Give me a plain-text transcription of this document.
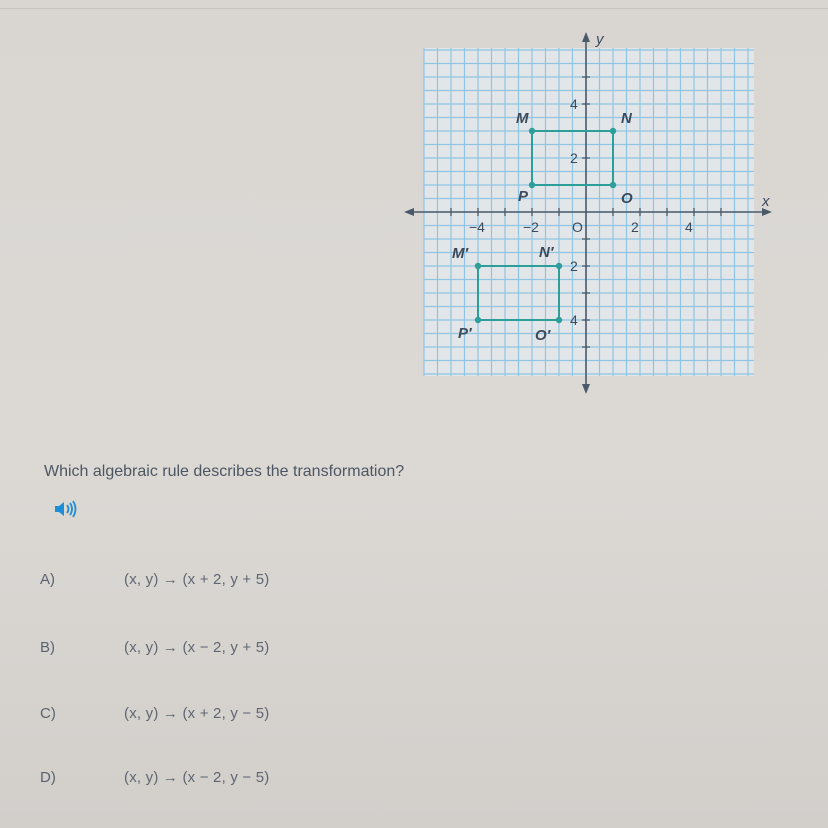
x
y
O
−4	−2	2	4
4
2
2
4
M	N
O
P
M′	N′
O′
P′
Which algebraic rule describes the transformation?
A)	(x, y) → (x + 2, y + 5)
B)	(x, y) → (x − 2, y + 5)
C)	(x, y) → (x + 2, y − 5)
D)	(x, y) → (x − 2, y − 5)
